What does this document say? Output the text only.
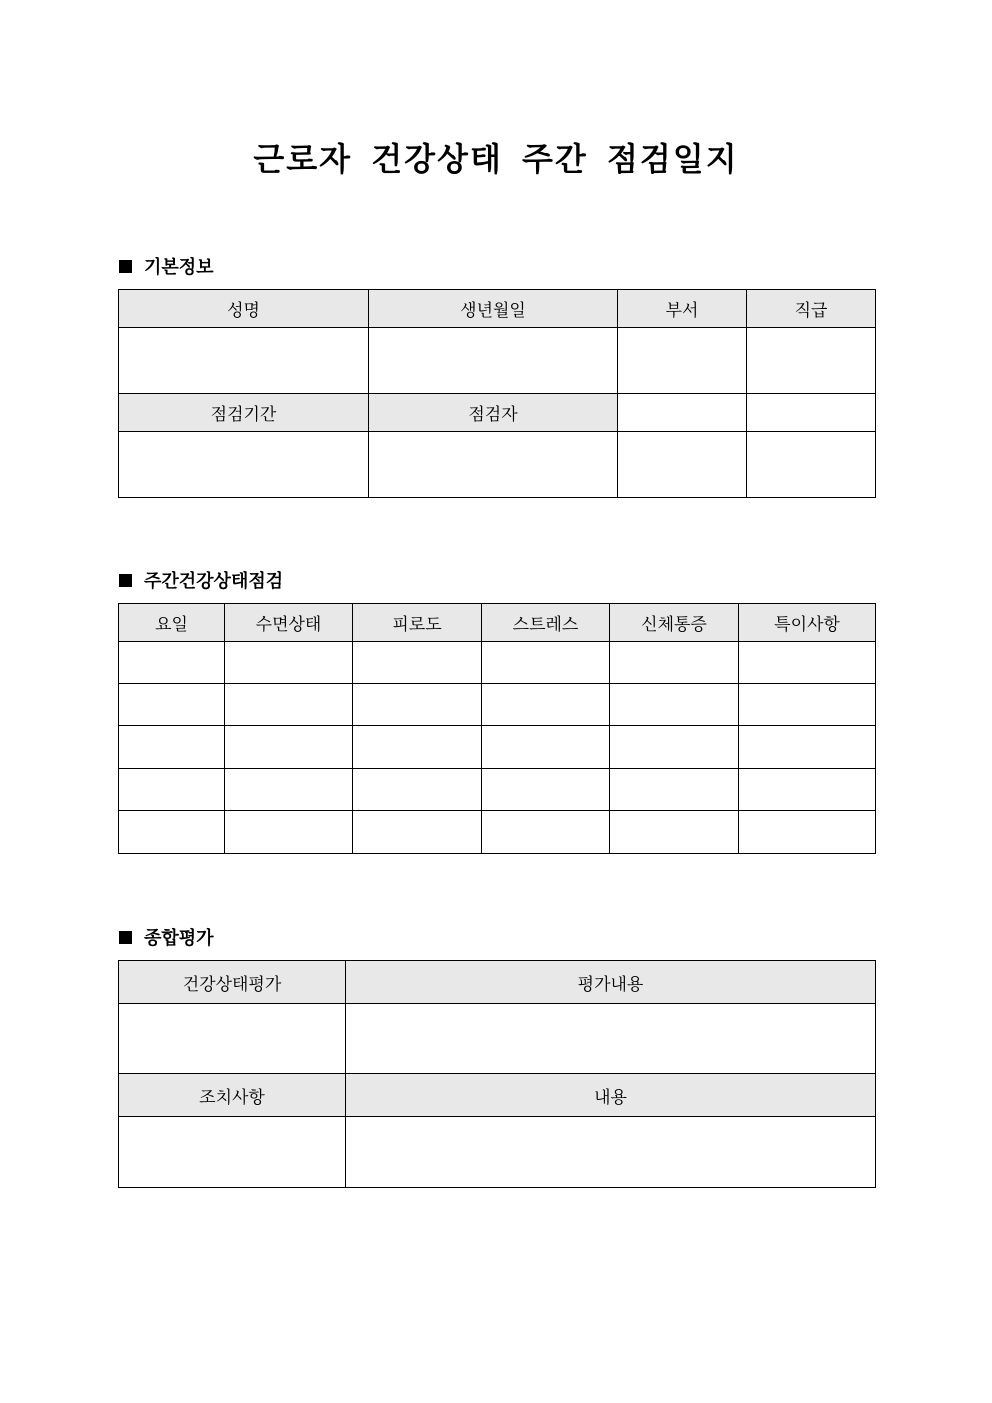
근로자 건강상태 주간 점검일지
기본정보
성명	생년월일	부서	직급

점검기간	점검자		

주간건강상태점검
요일	수면상태	피로도	스트레스	신체통증	특이사항

종합평가
건강상태평가	평가내용

조치사항	내용
